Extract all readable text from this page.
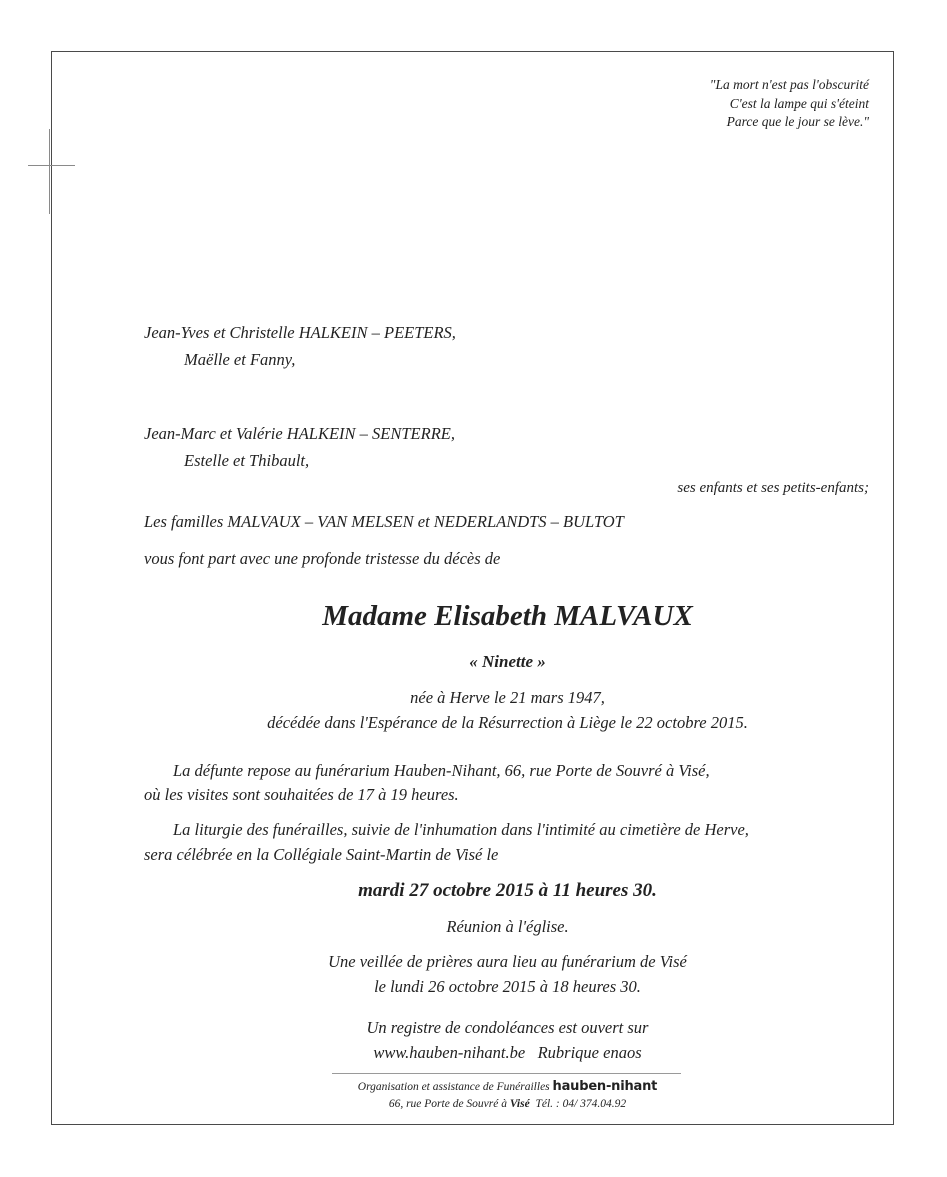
"La mort n'est pas l'obscurité
C'est la lampe qui s'éteint
Parce que le jour se lève."
Jean-Yves et Christelle HALKEIN – PEETERS,
Maëlle et Fanny,
Jean-Marc et Valérie HALKEIN – SENTERRE,
Estelle et Thibault,
ses enfants et ses petits-enfants;
Les familles MALVAUX – VAN MELSEN et NEDERLANDTS – BULTOT
vous font part avec une profonde tristesse du décès de
Madame Elisabeth MALVAUX
« Ninette »
née à Herve le 21 mars 1947,
décédée dans l'Espérance de la Résurrection à Liège le 22 octobre 2015.
La défunte repose au funérarium Hauben-Nihant, 66, rue Porte de Souvré à Visé,
où les visites sont souhaitées de 17 à 19 heures.
La liturgie des funérailles, suivie de l'inhumation dans l'intimité au cimetière de Herve,
sera célébrée en la Collégiale Saint-Martin de Visé le
mardi 27 octobre 2015 à 11 heures 30.
Réunion à l'église.
Une veillée de prières aura lieu au funérarium de Visé
le lundi 26 octobre 2015 à 18 heures 30.
Un registre de condoléances est ouvert sur
www.hauben-nihant.be Rubrique enaos
Organisation et assistance de Funérailles hauben-nihant
66, rue Porte de Souvré à Visé Tél. : 04/ 374.04.92
